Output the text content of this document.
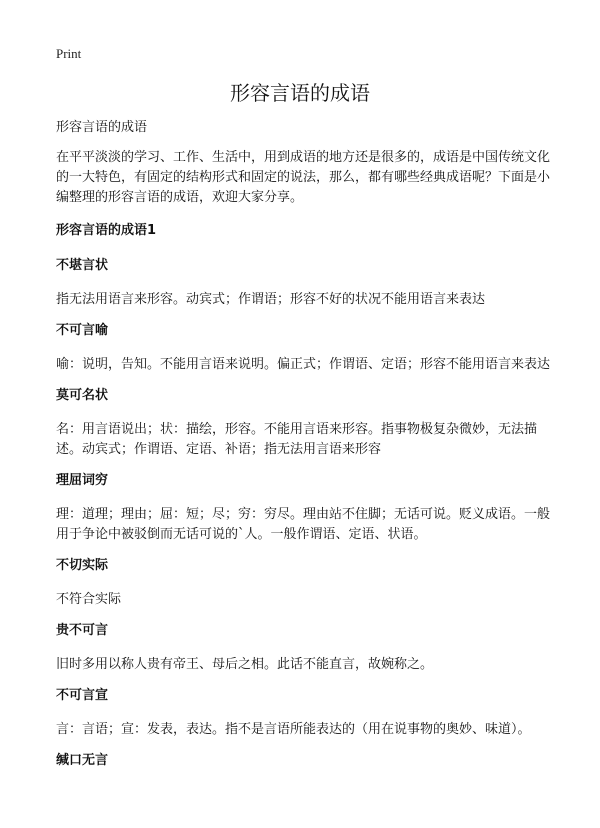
Print
形容言语的成语
形容言语的成语
在平平淡淡的学习、工作、生活中，用到成语的地方还是很多的，成语是中国传统文化的一大特色，有固定的结构形式和固定的说法，那么，都有哪些经典成语呢？下面是小编整理的形容言语的成语，欢迎大家分享。
形容言语的成语1
不堪言状
指无法用语言来形容。动宾式；作谓语；形容不好的状况不能用语言来表达
不可言喻
喻：说明，告知。不能用言语来说明。偏正式；作谓语、定语；形容不能用语言来表达
莫可名状
名：用言语说出；状：描绘，形容。不能用言语来形容。指事物极复杂微妙，无法描述。动宾式；作谓语、定语、补语；指无法用言语来形容
理屈词穷
理：道理；理由；屈：短；尽；穷：穷尽。理由站不住脚；无话可说。贬义成语。一般用于争论中被驳倒而无话可说的`人。一般作谓语、定语、状语。
不切实际
不符合实际
贵不可言
旧时多用以称人贵有帝王、母后之相。此话不能直言，故婉称之。
不可言宣
言：言语；宣：发表，表达。指不是言语所能表达的（用在说事物的奥妙、味道）。
缄口无言
